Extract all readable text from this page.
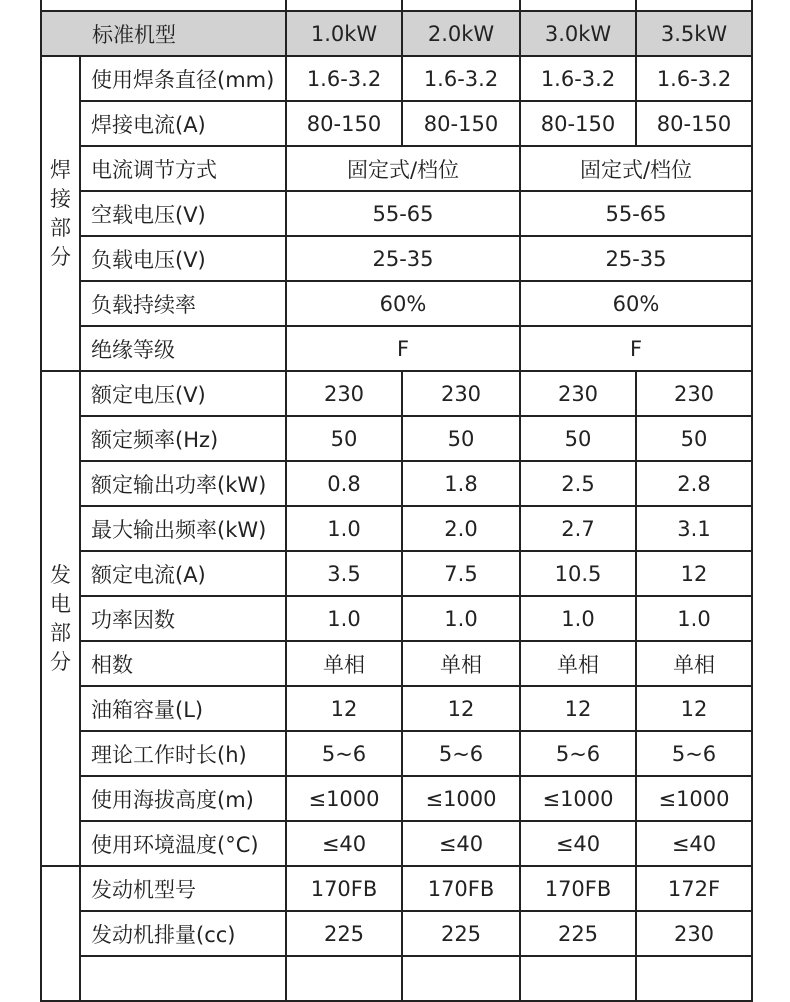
标准机型		1.0kW	2.0kW	3.0kW	3.5kW
焊接部分	使用焊条直径(mm)	1.6-3.2	1.6-3.2	1.6-3.2	1.6-3.2
	焊接电流(A)	80-150	80-150	80-150	80-150
	电流调节方式	固定式/档位		固定式/档位	
	空载电压(V)	55-65		55-65	
	负载电压(V)	25-35		25-35	
	负载持续率	60%		60%	
	绝缘等级	F		F	
发电部分	额定电压(V)	230	230	230	230
	额定频率(Hz)	50	50	50	50
	额定输出功率(kW)	0.8	1.8	2.5	2.8
	最大输出频率(kW)	1.0	2.0	2.7	3.1
	额定电流(A)	3.5	7.5	10.5	12
	功率因数	1.0	1.0	1.0	1.0
	相数	单相	单相	单相	单相
	油箱容量(L)	12	12	12	12
	理论工作时长(h)	5~6	5~6	5~6	5~6
	使用海拔高度(m)	≤1000	≤1000	≤1000	≤1000
	使用环境温度(°C)	≤40	≤40	≤40	≤40
	发动机型号	170FB	170FB	170FB	172F
	发动机排量(cc)	225	225	225	230
